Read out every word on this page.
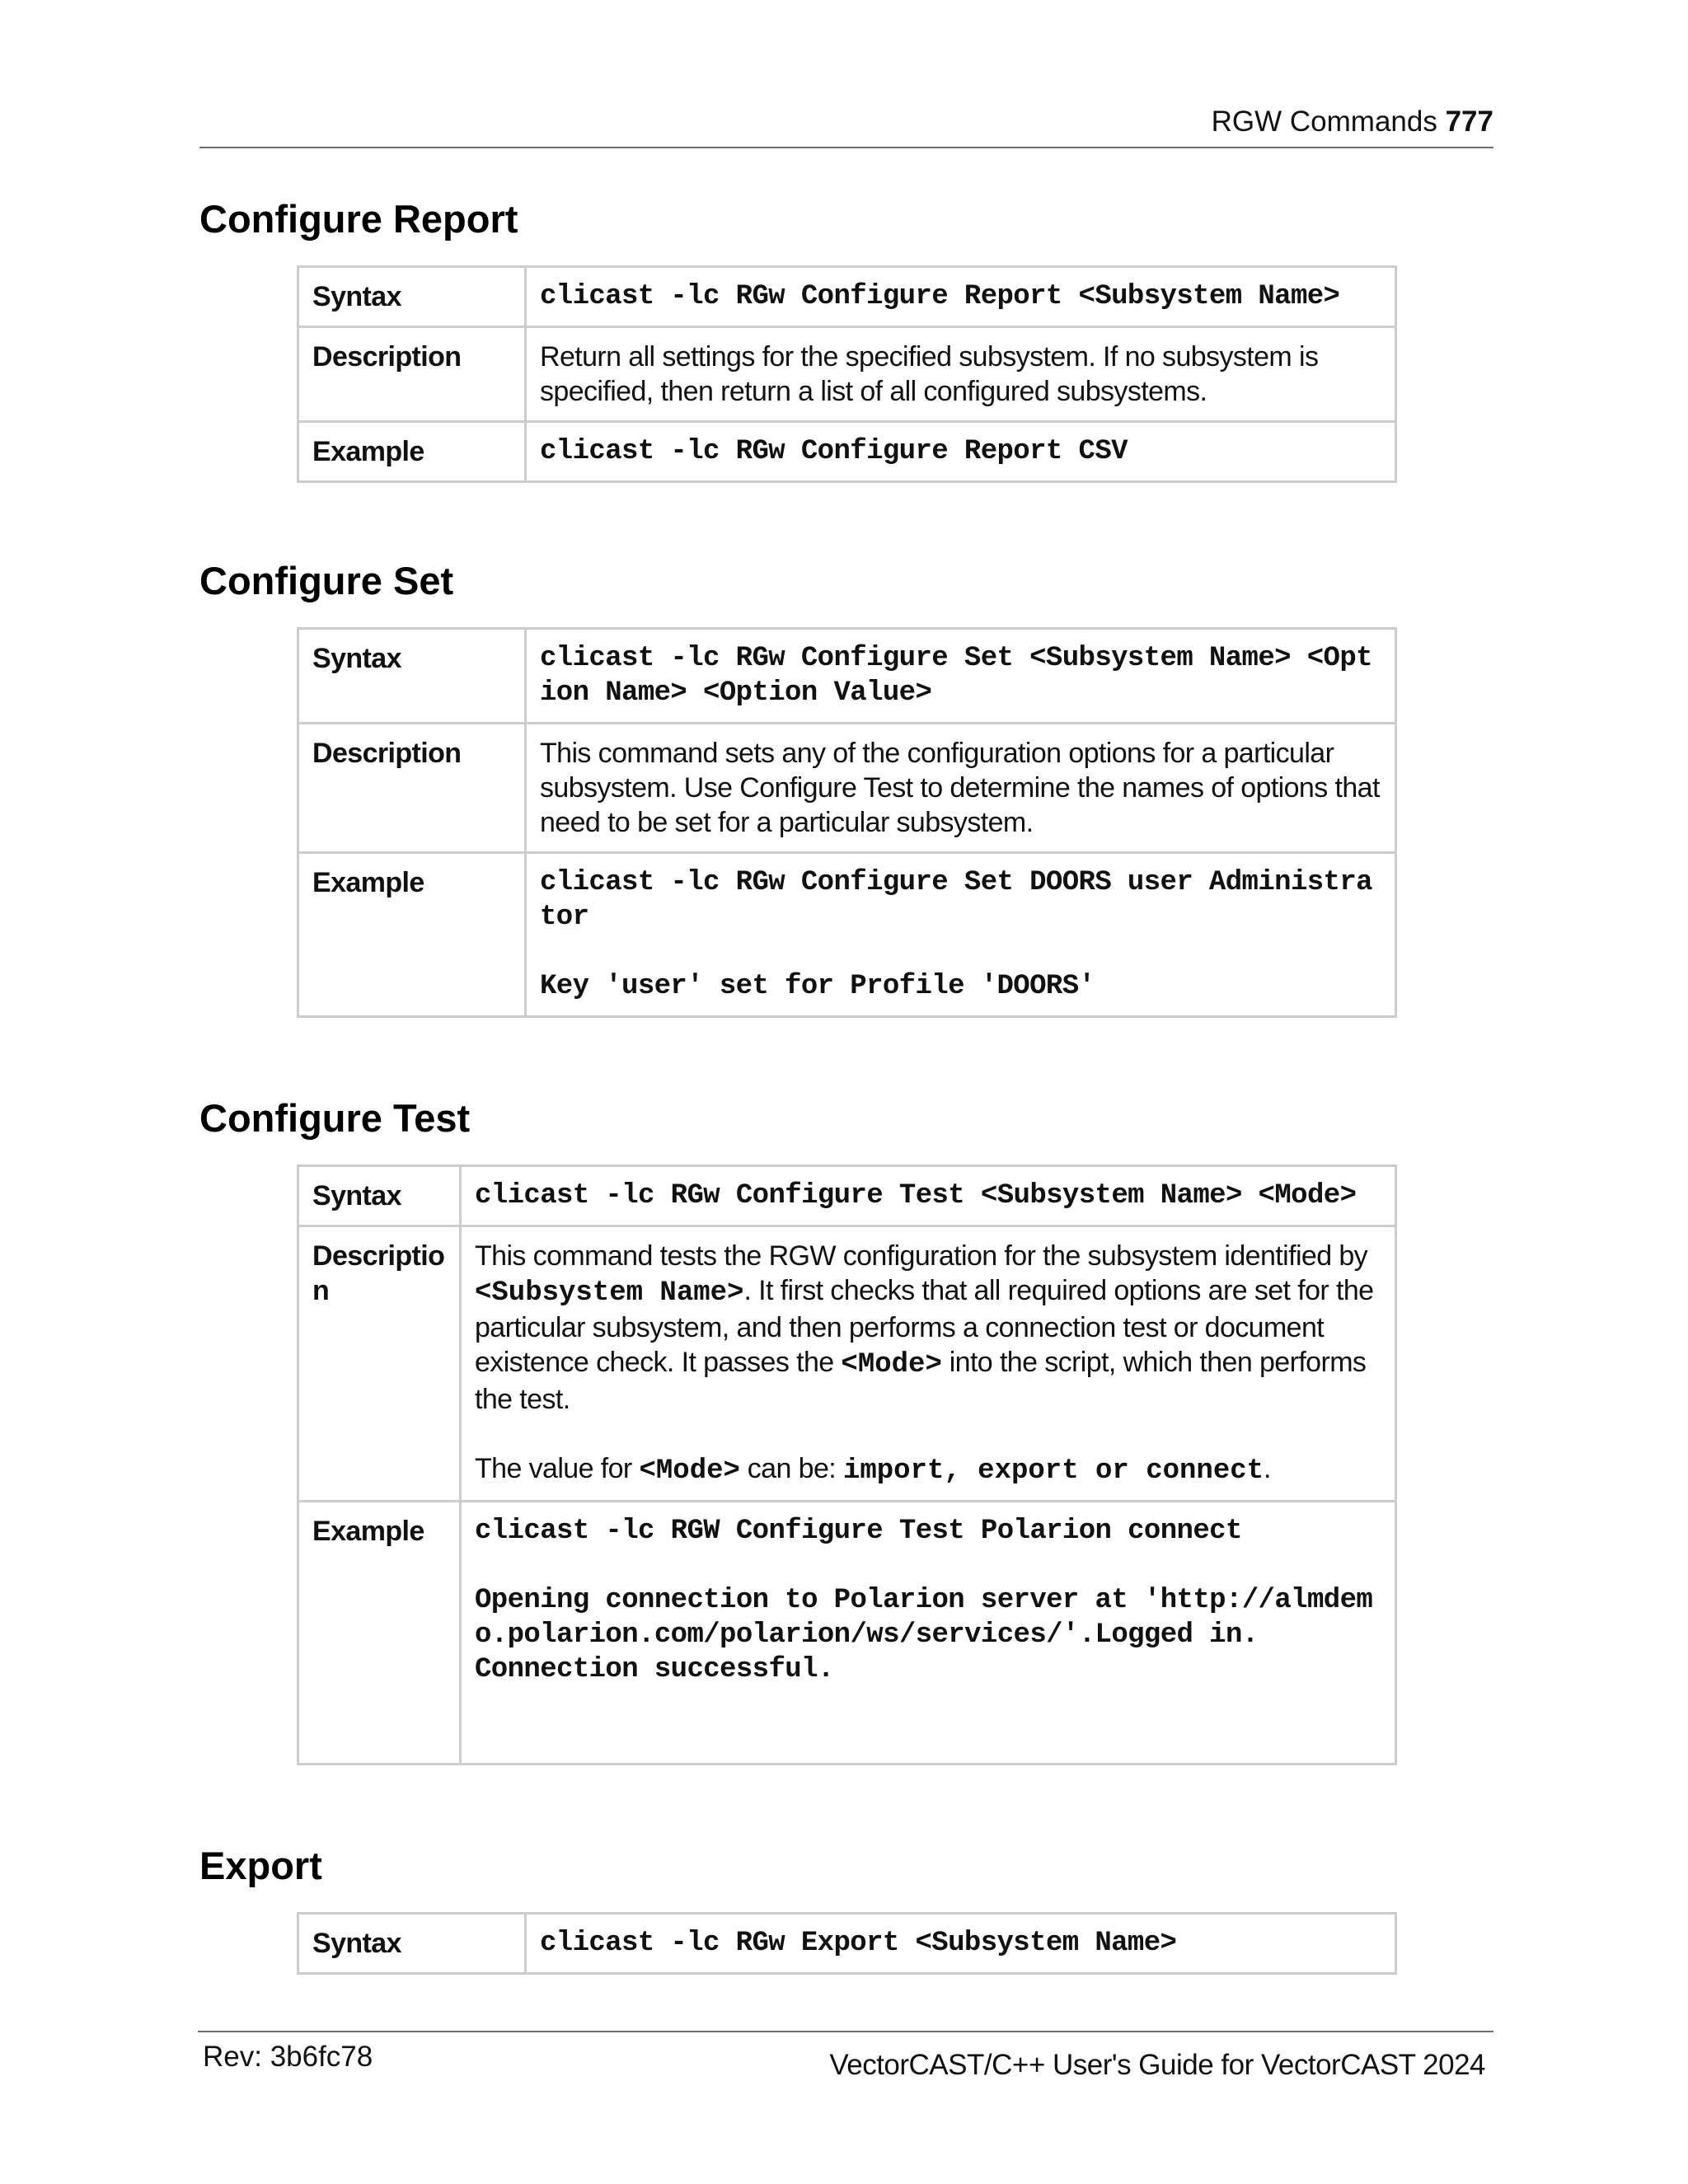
RGW Commands 777
Configure Report
Syntax	clicast -lc RGw Configure Report <Subsystem Name>
Description	Return all settings for the specified subsystem. If no subsystem is specified, then return a list of all configured subsystems.
Example	clicast -lc RGw Configure Report CSV
Configure Set
Syntax	clicast -lc RGw Configure Set <Subsystem Name> <Option Name> <Option Value>
Description	This command sets any of the configuration options for a particular subsystem. Use Configure Test to determine the names of options that need to be set for a particular subsystem.
Example	clicast -lc RGw Configure Set DOORS user Administrator
Key 'user' set for Profile 'DOORS'
Configure Test
Syntax	clicast -lc RGw Configure Test <Subsystem Name> <Mode>
Description	This command tests the RGW configuration for the subsystem identified by <Subsystem Name>. It first checks that all required options are set for the particular subsystem, and then performs a connection test or document existence check. It passes the <Mode> into the script, which then performs the test.
The value for <Mode> can be: import, export or connect.

Example	clicast -lc RGW Configure Test Polarion connect
Opening connection to Polarion server at 'http://almdemo.polarion.com/polarion/ws/services/'.Logged in.
Connection successful.
Export
Syntax	clicast -lc RGw Export <Subsystem Name>
Rev: 3b6fc78	VectorCAST/C++ User's Guide for VectorCAST 2024
